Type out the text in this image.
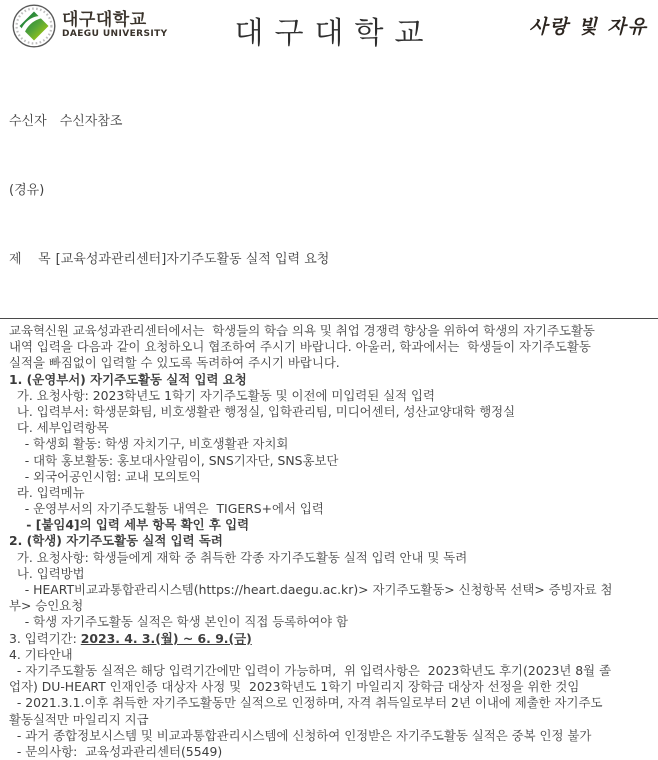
대구대학교
DAEGU UNIVERSITY	대구대학교	사랑 빛 자유

수신자 수신자참조

(경유)

제    목 [교육성과관리센터]자기주도활동 실적 입력 요청

교육혁신원 교육성과관리센터에서는  학생들의 학습 의욕 및 취업 경쟁력 향상을 위하여 학생의 자기주도활동
내역 입력을 다음과 같이 요청하오니 협조하여 주시기 바랍니다. 아울러, 학과에서는  학생들이 자기주도활동
실적을 빠짐없이 입력할 수 있도록 독려하여 주시기 바랍니다.
1. (운영부서) 자기주도활동 실적 입력 요청
가. 요청사항: 2023학년도 1학기 자기주도활동 및 이전에 미입력된 실적 입력
나. 입력부서: 학생문화팀, 비호생활관 행정실, 입학관리팀, 미디어센터, 성산교양대학 행정실
다. 세부입력항목
- 학생회 활동: 학생 자치기구, 비호생활관 자치회
- 대학 홍보활동: 홍보대사알림이, SNS기자단, SNS홍보단
- 외국어공인시험: 교내 모의토익
라. 입력메뉴
- 운영부서의 자기주도활동 내역은  TIGERS+에서 입력
- [붙임4]의 입력 세부 항목 확인 후 입력
2. (학생) 자기주도활동 실적 입력 독려
가. 요청사항: 학생들에게 재학 중 취득한 각종 자기주도활동 실적 입력 안내 및 독려
나. 입력방법
- HEART비교과통합관리시스템(https://heart.daegu.ac.kr)> 자기주도활동> 신청항목 선택> 증빙자료 첨
부> 승인요청
- 학생 자기주도활동 실적은 학생 본인이 직접 등록하여야 함
3. 입력기간: 2023. 4. 3.(월) ~ 6. 9.(금)
4. 기타안내
- 자기주도활동 실적은 해당 입력기간에만 입력이 가능하며,  위 입력사항은  2023학년도 후기(2023년 8월 졸
업자) DU-HEART 인재인증 대상자 사정 및  2023학년도 1학기 마일리지 장학금 대상자 선정을 위한 것임
- 2021.3.1.이후 취득한 자기주도활동만 실적으로 인정하며, 자격 취득일로부터 2년 이내에 제출한 자기주도
활동실적만 마일리지 지급
- 과거 종합정보시스템 및 비교과통합관리시스템에 신청하여 인정받은 자기주도활동 실적은 중복 인정 불가
- 문의사항:  교육성과관리센터(5549)
